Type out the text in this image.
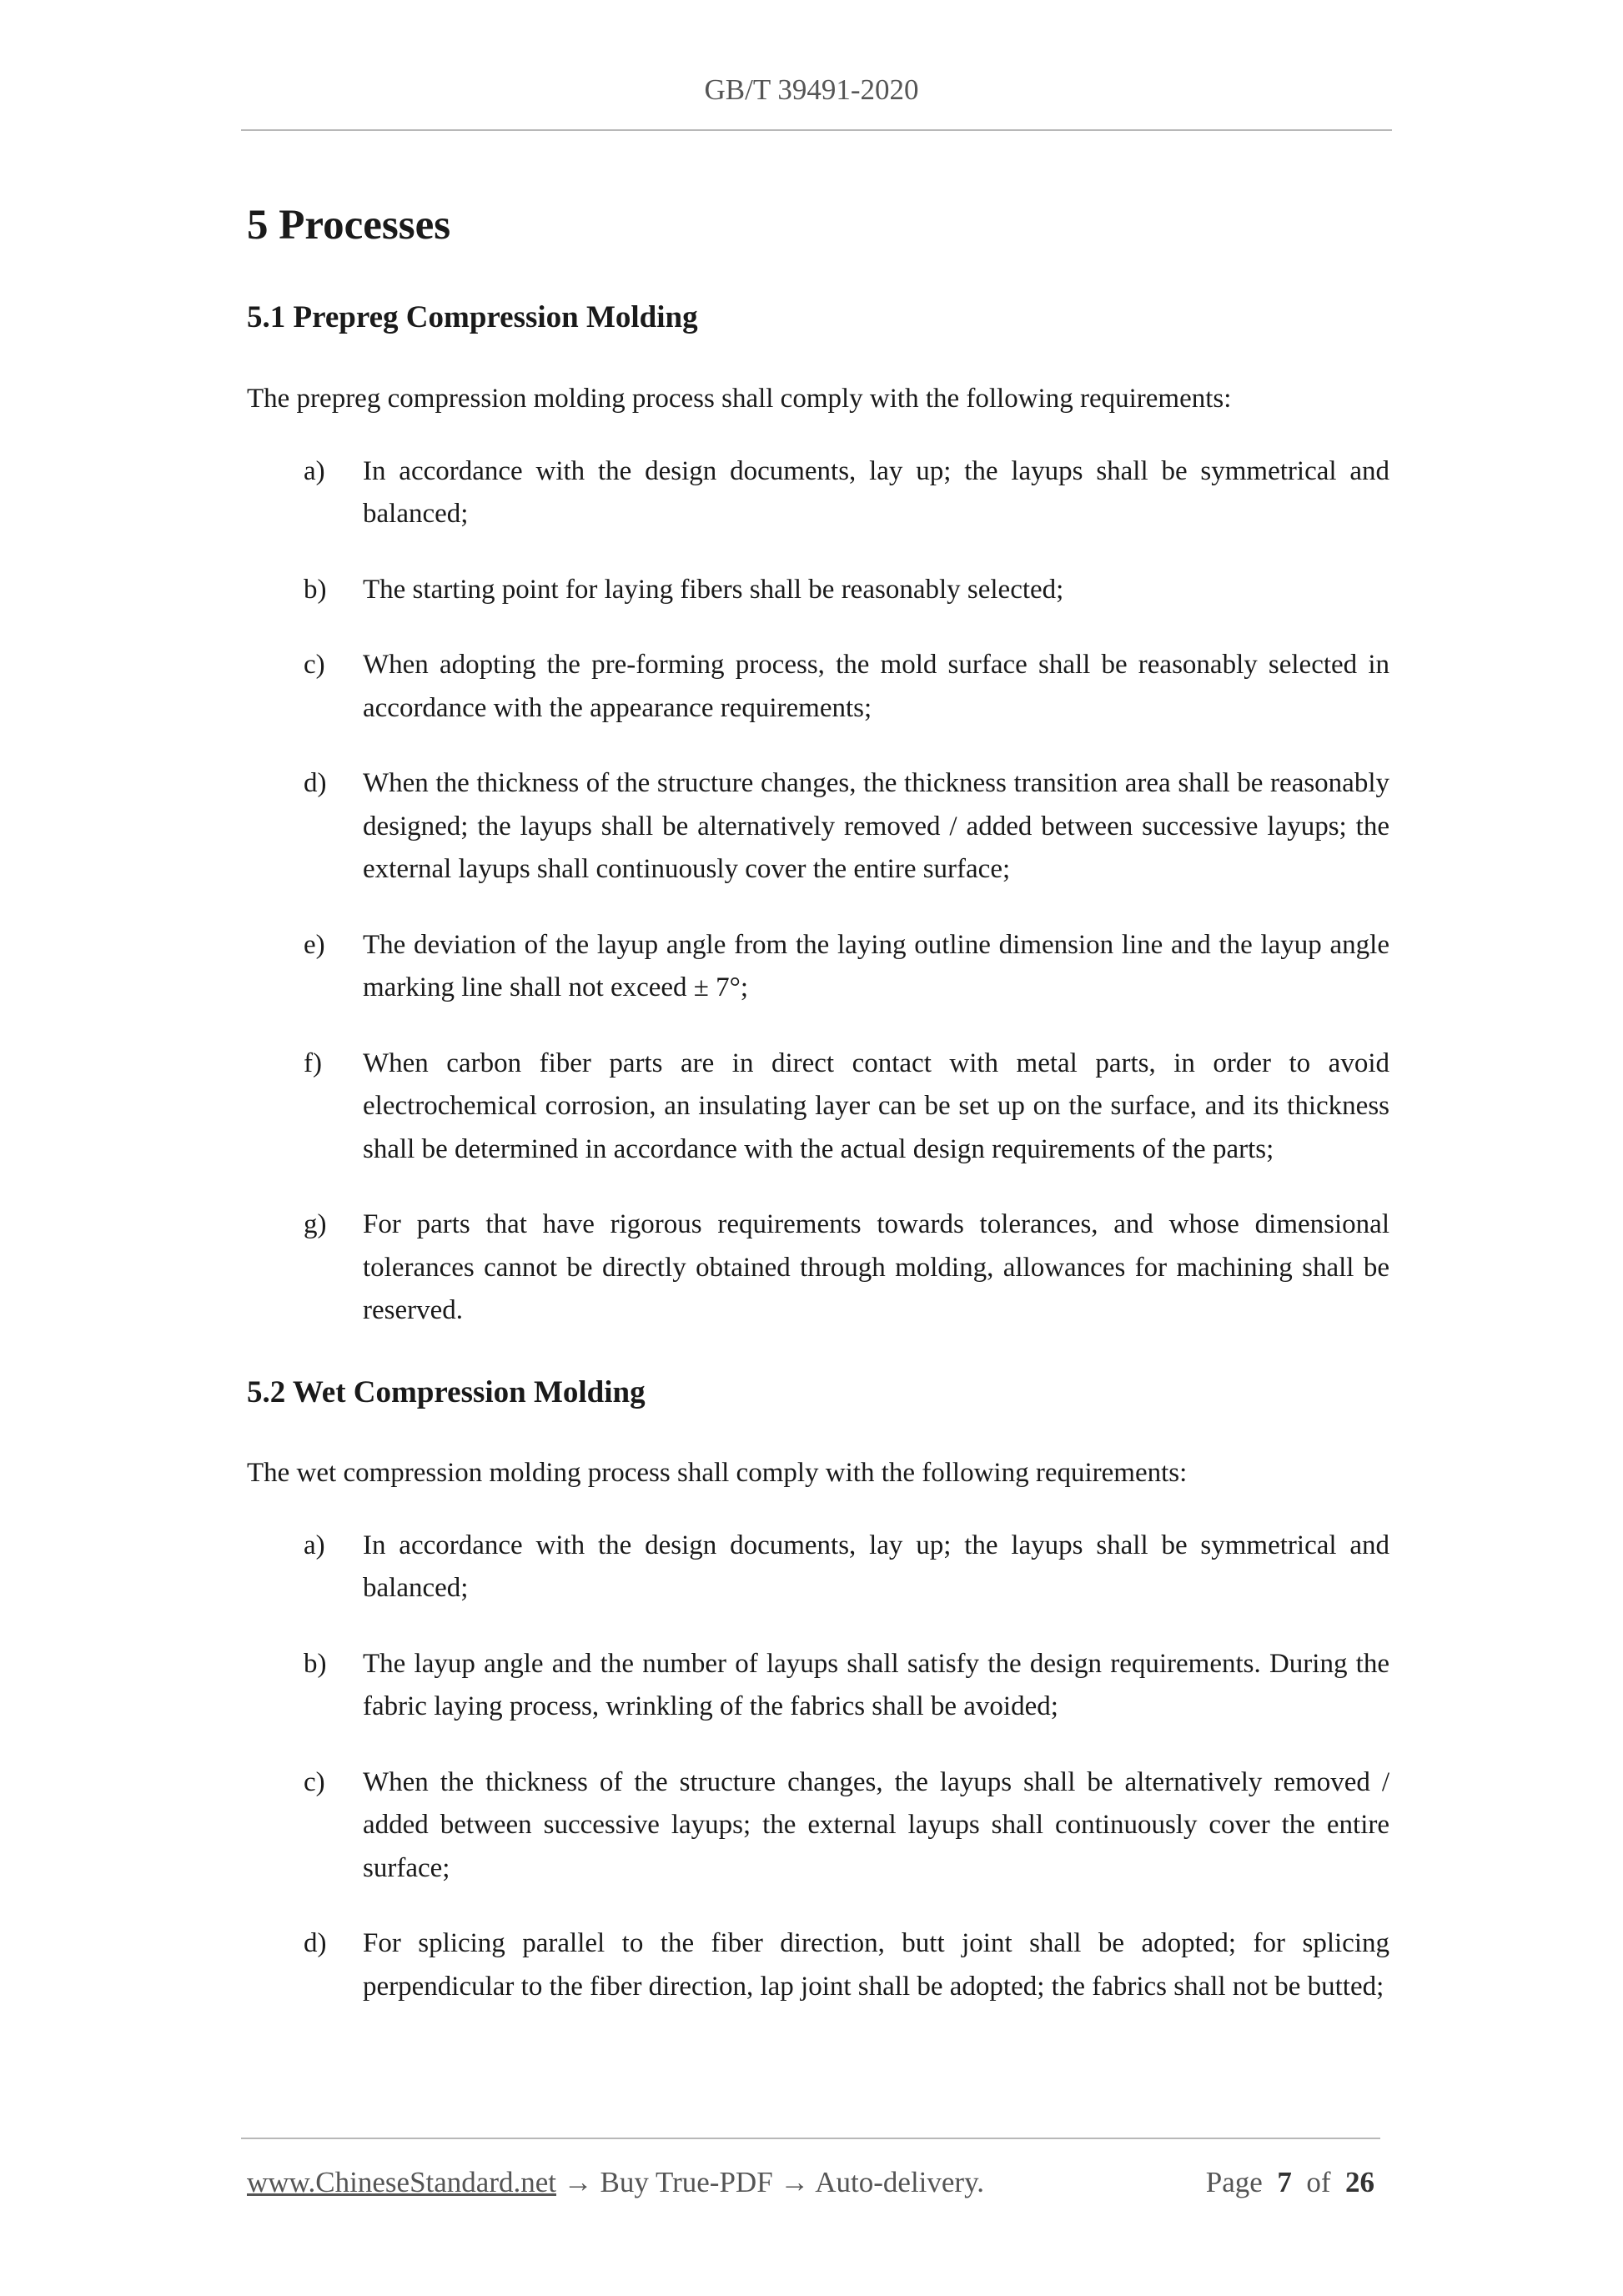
GB/T 39491-2020
5 Processes
5.1 Prepreg Compression Molding

The prepreg compression molding process shall comply with the following requirements:

a) In accordance with the design documents, lay up; the layups shall be symmetrical and balanced;
b) The starting point for laying fibers shall be reasonably selected;
c) When adopting the pre-forming process, the mold surface shall be reasonably selected in accordance with the appearance requirements;
d) When the thickness of the structure changes, the thickness transition area shall be reasonably designed; the layups shall be alternatively removed / added between successive layups; the external layups shall continuously cover the entire surface;
e) The deviation of the layup angle from the laying outline dimension line and the layup angle marking line shall not exceed ± 7°;
f) When carbon fiber parts are in direct contact with metal parts, in order to avoid electrochemical corrosion, an insulating layer can be set up on the surface, and its thickness shall be determined in accordance with the actual design requirements of the parts;
g) For parts that have rigorous requirements towards tolerances, and whose dimensional tolerances cannot be directly obtained through molding, allowances for machining shall be reserved.
5.2 Wet Compression Molding

The wet compression molding process shall comply with the following requirements:

a) In accordance with the design documents, lay up; the layups shall be symmetrical and balanced;
b) The layup angle and the number of layups shall satisfy the design requirements. During the fabric laying process, wrinkling of the fabrics shall be avoided;
c) When the thickness of the structure changes, the layups shall be alternatively removed / added between successive layups; the external layups shall continuously cover the entire surface;
d) For splicing parallel to the fiber direction, butt joint shall be adopted; for splicing perpendicular to the fiber direction, lap joint shall be adopted; the fabrics shall not be butted;
www.ChineseStandard.net → Buy True-PDF → Auto-delivery.	Page 7 of 26
